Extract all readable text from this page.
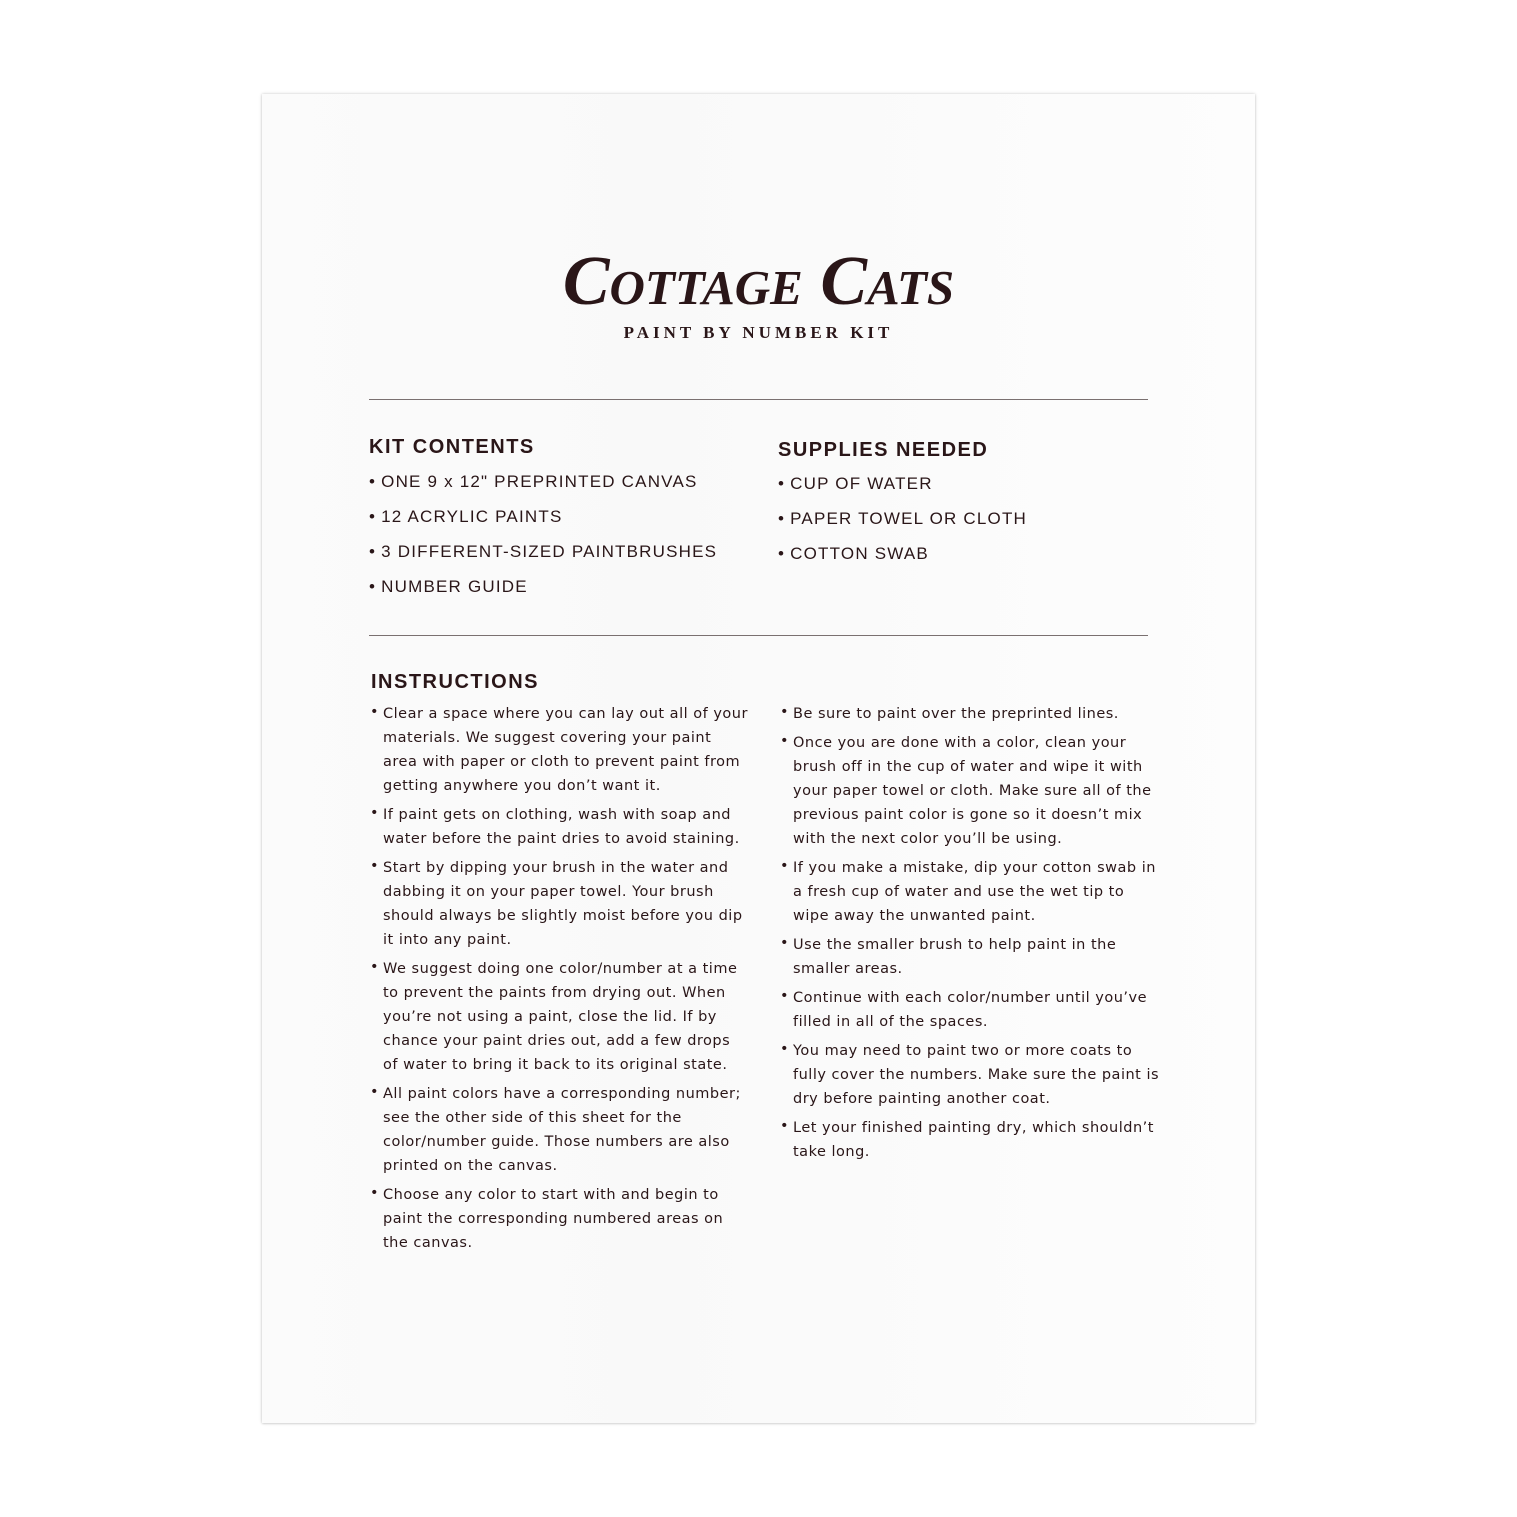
Cottage Cats
PAINT BY NUMBER KIT
KIT CONTENTS
• ONE 9 x 12" PREPRINTED CANVAS
• 12 ACRYLIC PAINTS
• 3 DIFFERENT-SIZED PAINTBRUSHES
• NUMBER GUIDE
SUPPLIES NEEDED
• CUP OF WATER
• PAPER TOWEL OR CLOTH
• COTTON SWAB
INSTRUCTIONS
• Clear a space where you can lay out all of your materials. We suggest covering your paint area with paper or cloth to prevent paint from getting anywhere you don’t want it.
• If paint gets on clothing, wash with soap and water before the paint dries to avoid staining.
• Start by dipping your brush in the water and dabbing it on your paper towel. Your brush should always be slightly moist before you dip it into any paint.
• We suggest doing one color/number at a time to prevent the paints from drying out. When you’re not using a paint, close the lid. If by chance your paint dries out, add a few drops of water to bring it back to its original state.
• All paint colors have a corresponding number; see the other side of this sheet for the color/number guide. Those numbers are also printed on the canvas.
• Choose any color to start with and begin to paint the corresponding numbered areas on the canvas.
• Be sure to paint over the preprinted lines.
• Once you are done with a color, clean your brush off in the cup of water and wipe it with your paper towel or cloth. Make sure all of the previous paint color is gone so it doesn’t mix with the next color you’ll be using.
• If you make a mistake, dip your cotton swab in a fresh cup of water and use the wet tip to wipe away the unwanted paint.
• Use the smaller brush to help paint in the smaller areas.
• Continue with each color/number until you’ve filled in all of the spaces.
• You may need to paint two or more coats to fully cover the numbers. Make sure the paint is dry before painting another coat.
• Let your finished painting dry, which shouldn’t take long.
